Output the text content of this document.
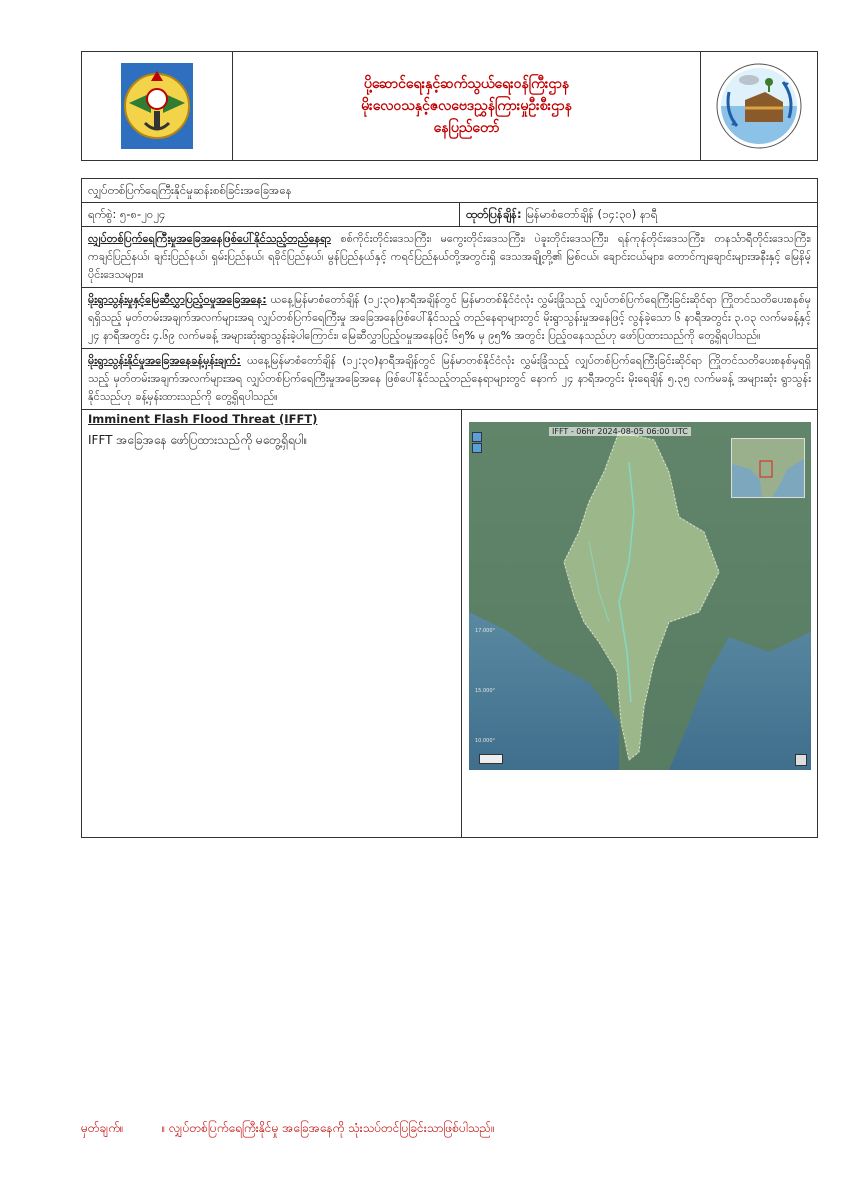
ပို့ဆောင်ရေးနှင့်ဆက်သွယ်ရေးဝန်ကြီးဌာန
မိုးလေဝသနှင့်ဇလဗေဒညွှန်ကြားမှုဦးစီးဌာန
နေပြည်တော်
လျှပ်တစ်ပြက်ရေကြီးနိုင်မှုဆန်းစစ်ခြင်းအခြေအနေ
ရက်စွဲ: ၅-၈-၂၀၂၄	ထုတ်ပြန်ချိန်: မြန်မာစံတော်ချိန် (၁၄:၃၀) နာရီ
လျှပ်တစ်ပြက်ရေကြီးမှုအခြေအနေဖြစ်ပေါ်နိုင်သည့်တည်နေရာ စစ်ကိုင်းတိုင်းဒေသကြီး၊ မကွေးတိုင်းဒေသကြီး၊ ပဲခူးတိုင်းဒေသကြီး၊ ရန်ကုန်တိုင်းဒေသကြီး၊ တနင်္သာရီတိုင်းဒေသကြီး၊ ကချင်ပြည်နယ်၊ ချင်းပြည်နယ်၊ ရှမ်းပြည်နယ်၊ ရခိုင်ပြည်နယ်၊ မွန်ပြည်နယ်နှင့် ကရင်ပြည်နယ်တို့အတွင်းရှိ ဒေသအချို့တို့၏ မြစ်ငယ်၊ ချောင်းငယ်များ၊ တောင်ကျချောင်းများအနီးနှင့် မြေနိမ့်ပိုင်းဒေသများ။
မိုးရွာသွန်းမှုနှင့်မြေဆီလွှာပြည့်ဝမှုအခြေအနေ: ယနေ့မြန်မာစံတော်ချိန် (၁၂:၃၀)နာရီအချိန်တွင် မြန်မာတစ်နိုင်ငံလုံး လွှမ်းခြုံသည့် လျှပ်တစ်ပြက်ရေကြီးခြင်းဆိုင်ရာ ကြိုတင်သတိပေးစနစ်မှရရှိသည့် မှတ်တမ်းအချက်အလက်များအရ လျှပ်တစ်ပြက်ရေကြီးမှု အခြေအနေဖြစ်ပေါ်နိုင်သည့် တည်နေရာများတွင် မိုးရွာသွန်းမှုအနေဖြင့် လွန်ခဲ့သော ၆ နာရီအတွင်း ၃.၀၃ လက်မခန့်နှင့် ၂၄ နာရီအတွင်း ၄.၆၉ လက်မခန့် အများဆုံးရွာသွန်းခဲ့ပါကြောင်း၊ မြေဆီလွှာပြည့်ဝမှုအနေဖြင့် ၆၅% မှ ၉၅% အတွင်း ပြည့်ဝနေသည်ဟု ဖော်ပြထားသည်ကို တွေ့ရှိရပါသည်။
မိုးရွာသွန်းနိုင်မှုအခြေအနေခန့်မှန်းချက်: ယနေ့မြန်မာစံတော်ချိန် (၁၂:၃၀)နာရီအချိန်တွင် မြန်မာတစ်နိုင်ငံလုံး လွှမ်းခြုံသည့် လျှပ်တစ်ပြက်ရေကြီးခြင်းဆိုင်ရာ ကြိုတင်သတိပေးစနစ်မှရရှိသည့် မှတ်တမ်းအချက်အလက်များအရ လျှပ်တစ်ပြက်ရေကြီးမှုအခြေအနေ ဖြစ်ပေါ်နိုင်သည့်တည်နေရာများတွင် နောက် ၂၄ နာရီအတွင်း မိုးရေချိန် ၅.၃၅ လက်မခန့် အများဆုံး ရွာသွန်းနိုင်သည်ဟု ခန့်မှန်းထားသည်ကို တွေ့ရှိရပါသည်။
Imminent Flash Flood Threat (IFFT)
IFFT အခြေအနေ ဖော်ပြထားသည်ကို မတွေ့ရှိရပါ။
17.000°
15.000°
10.000°
IFFT - 06hr 2024-08-05 06:00 UTC
မှတ်ချက်။	။ လျှပ်တစ်ပြက်ရေကြီးနိုင်မှု အခြေအနေကို သုံးသပ်တင်ပြခြင်းသာဖြစ်ပါသည်။
